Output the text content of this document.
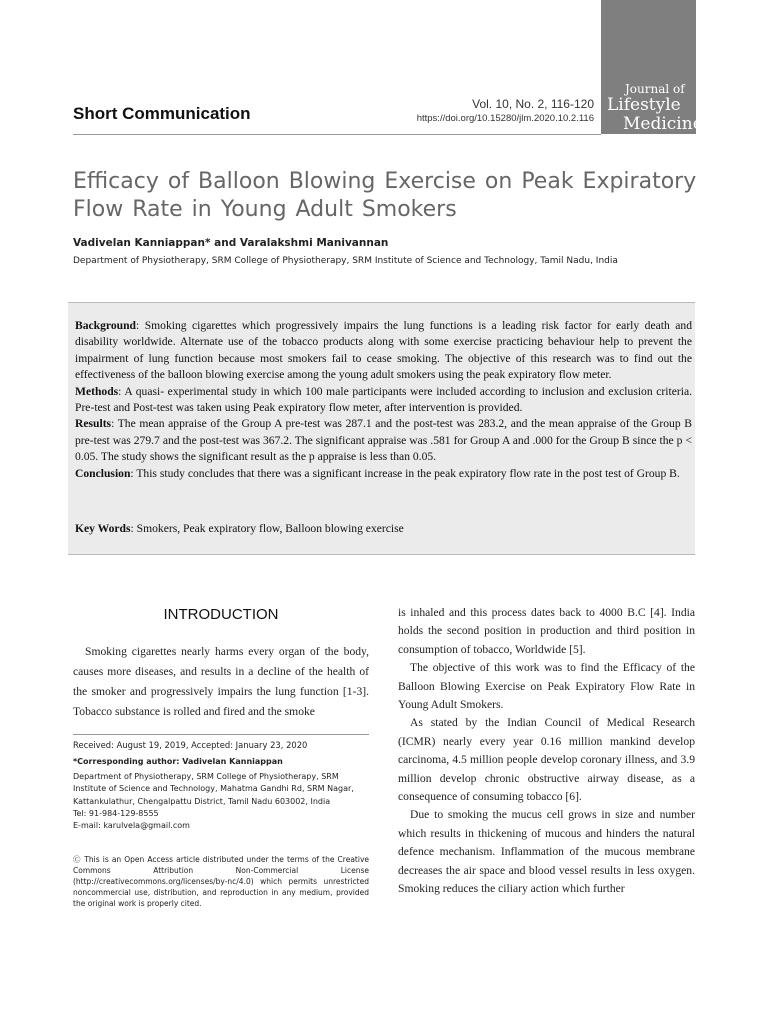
Journal of
Lifestyle
Medicine
Short Communication	Vol. 10, No. 2, 116-120
https://doi.org/10.15280/jlm.2020.10.2.116
Efficacy of Balloon Blowing Exercise on Peak Expiratory Flow Rate in Young Adult Smokers
Vadivelan Kanniappan* and Varalakshmi Manivannan
Department of Physiotherapy, SRM College of Physiotherapy, SRM Institute of Science and Technology, Tamil Nadu, India

Background: Smoking cigarettes which progressively impairs the lung functions is a leading risk factor for early death and disability worldwide. Alternate use of the tobacco products along with some exercise practicing behaviour help to prevent the impairment of lung function because most smokers fail to cease smoking. The objective of this research was to find out the effectiveness of the balloon blowing exercise among the young adult smokers using the peak expiratory flow meter.

Methods: A quasi- experimental study in which 100 male participants were included according to inclusion and exclusion criteria. Pre-test and Post-test was taken using Peak expiratory flow meter, after intervention is provided.

Results: The mean appraise of the Group A pre-test was 287.1 and the post-test was 283.2, and the mean appraise of the Group B pre-test was 279.7 and the post-test was 367.2. The significant appraise was .581 for Group A and .000 for the Group B since the p < 0.05. The study shows the significant result as the p appraise is less than 0.05.

Conclusion: This study concludes that there was a significant increase in the peak expiratory flow rate in the post test of Group B.

Key Words: Smokers, Peak expiratory flow, Balloon blowing exercise
INTRODUCTION

Smoking cigarettes nearly harms every organ of the body, causes more diseases, and results in a decline of the health of the smoker and progressively impairs the lung function [1-3]. Tobacco substance is rolled and fired and the smoke

Received: August 19, 2019, Accepted: January 23, 2020
*Corresponding author: Vadivelan Kanniappan
Department of Physiotherapy, SRM College of Physiotherapy, SRM Institute of Science and Technology, Mahatma Gandhi Rd, SRM Nagar, Kattankulathur, Chengalpattu District, Tamil Nadu 603002, India
Tel: 91-984-129-8555
E-mail: karulvela@gmail.com
Ⓒ This is an Open Access article distributed under the terms of the Creative Commons Attribution Non-Commercial License (http://creativecommons.org/licenses/by-nc/4.0) which permits unrestricted noncommercial use, distribution, and reproduction in any medium, provided the original work is properly cited.

is inhaled and this process dates back to 4000 B.C [4]. India holds the second position in production and third position in consumption of tobacco, Worldwide [5].

The objective of this work was to find the Efficacy of the Balloon Blowing Exercise on Peak Expiratory Flow Rate in Young Adult Smokers.

As stated by the Indian Council of Medical Research (ICMR) nearly every year 0.16 million mankind develop carcinoma, 4.5 million people develop coronary illness, and 3.9 million develop chronic obstructive airway disease, as a consequence of consuming tobacco [6].

Due to smoking the mucus cell grows in size and number which results in thickening of mucous and hinders the natural defence mechanism. Inflammation of the mucous membrane decreases the air space and blood vessel results in less oxygen. Smoking reduces the ciliary action which further
